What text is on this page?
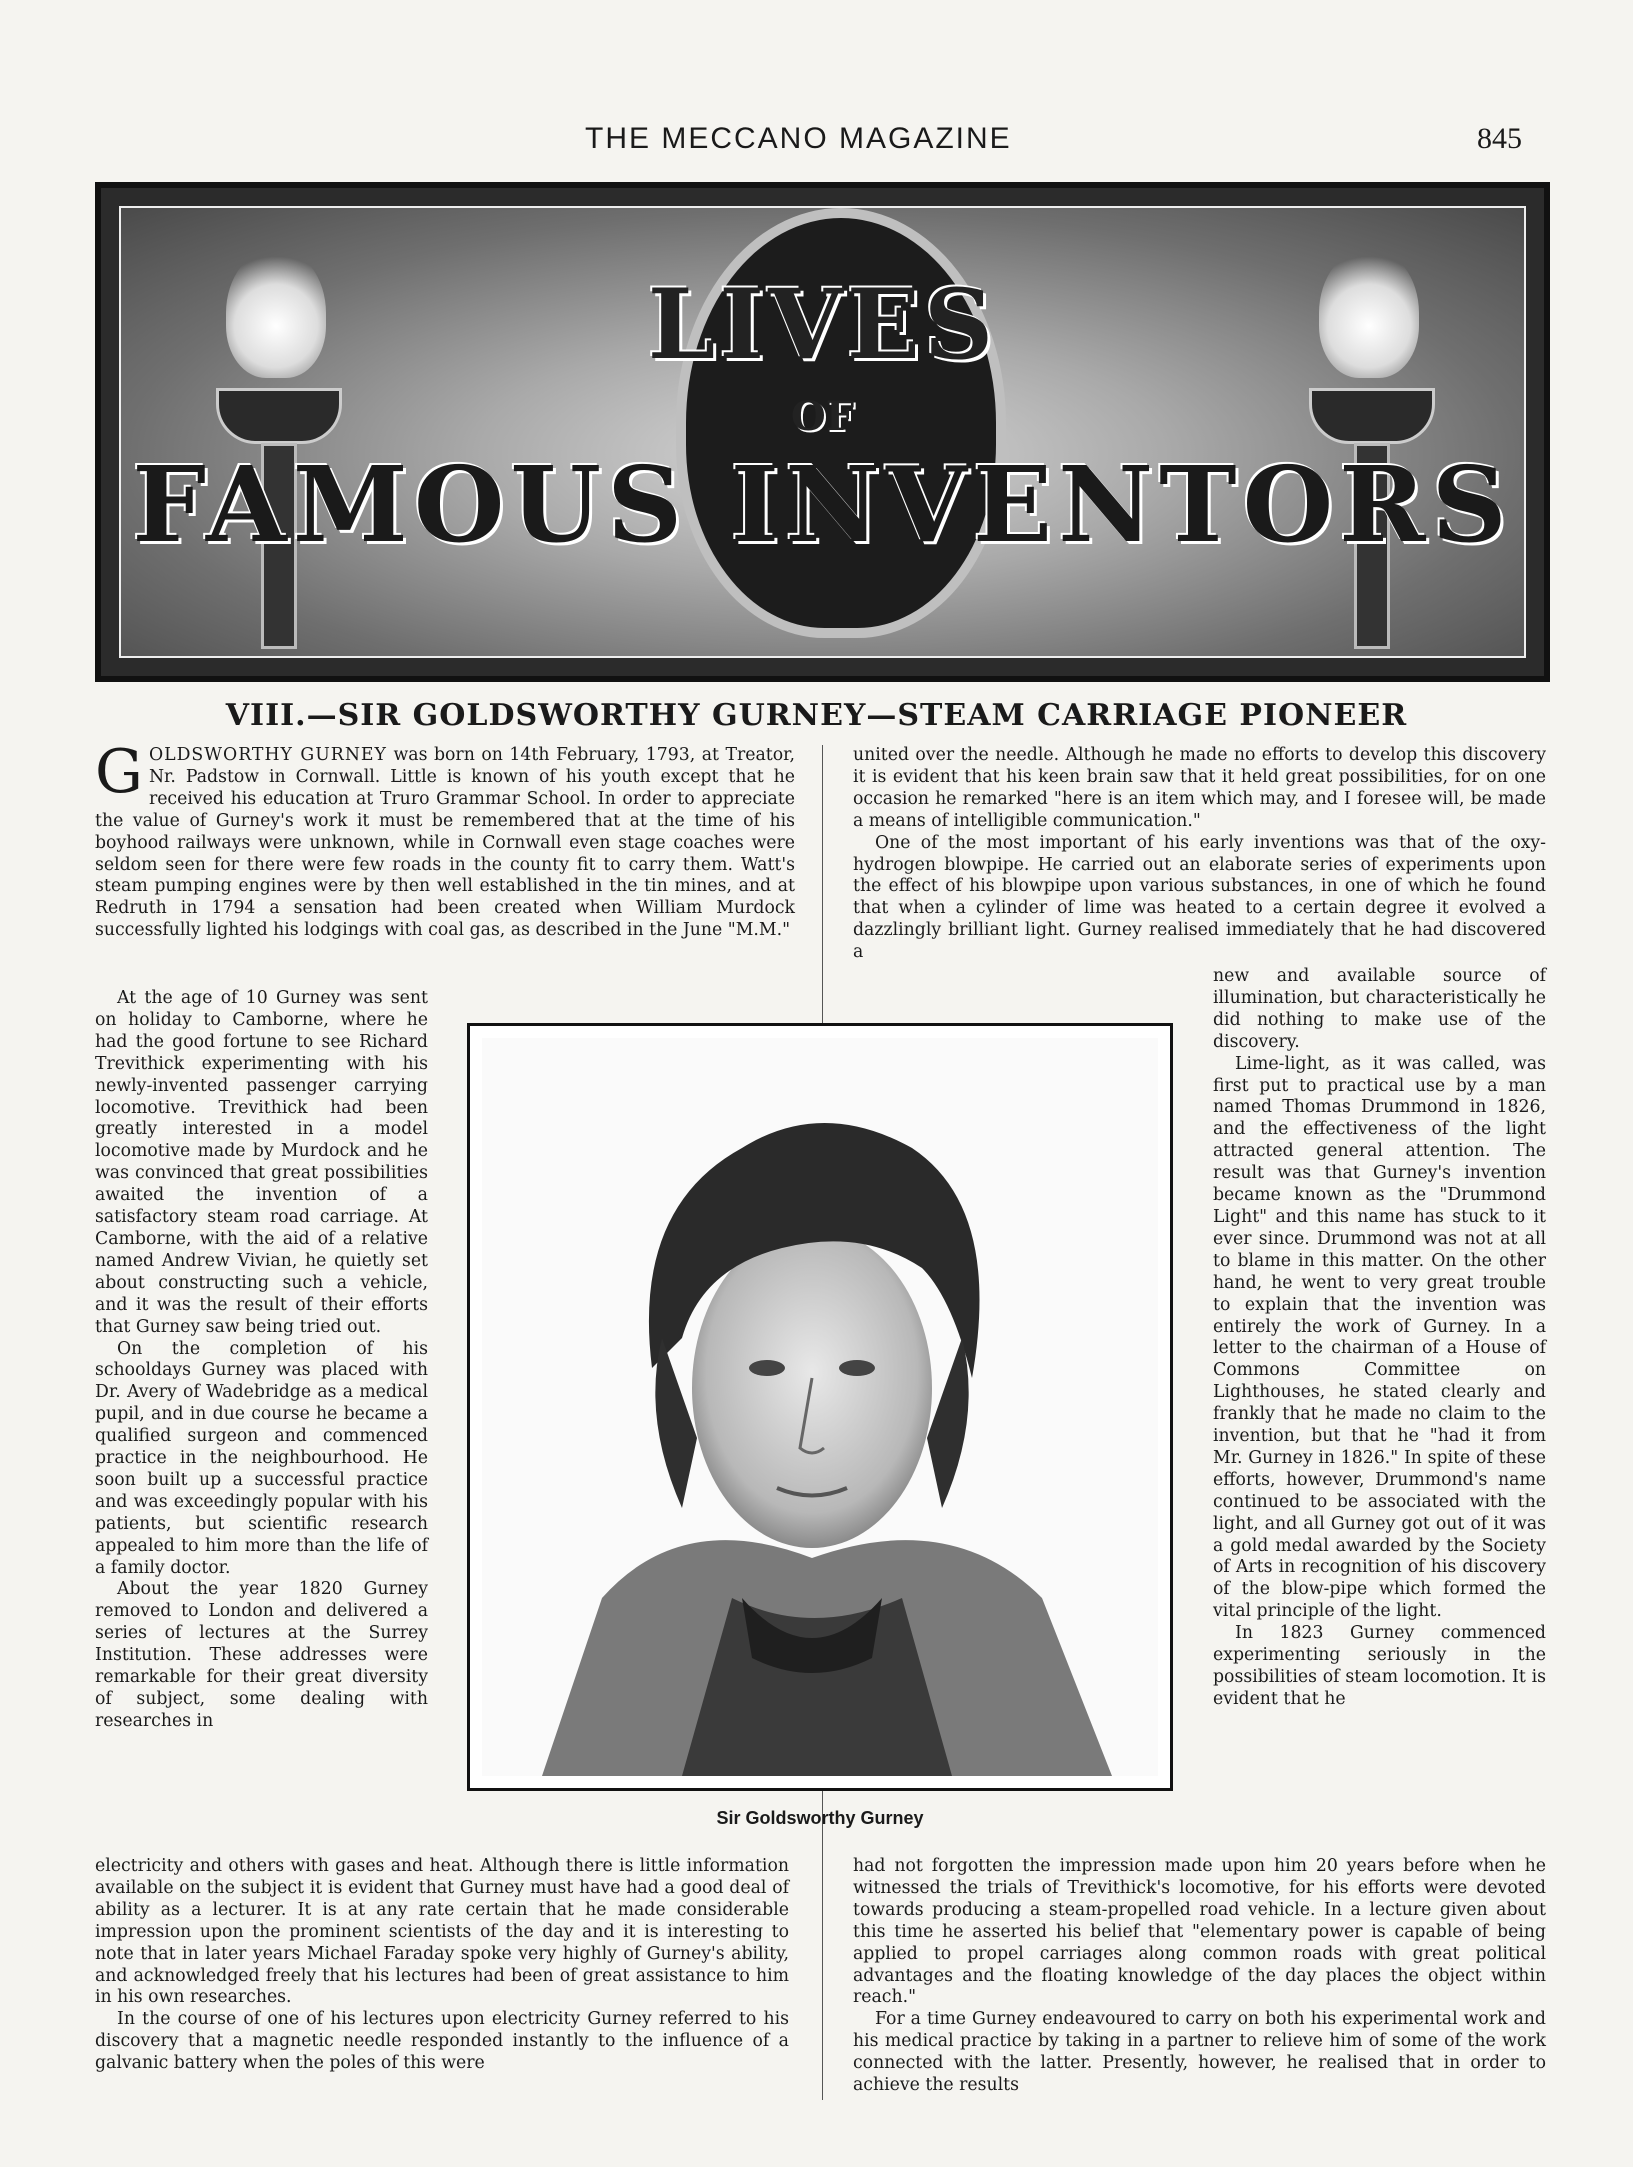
THE MECCANO MAGAZINE	845
LIVES
OF
FAMOUS INVENTORS
VIII.—SIR GOLDSWORTHY GURNEY—STEAM CARRIAGE PIONEER

GOLDSWORTHY GURNEY was born on 14th February, 1793, at Treator, Nr. Padstow in Cornwall. Little is known of his youth except that he received his education at Truro Grammar School. In order to appreciate the value of Gurney's work it must be remembered that at the time of his boyhood railways were unknown, while in Cornwall even stage coaches were seldom seen for there were few roads in the county fit to carry them. Watt's steam pumping engines were by then well established in the tin mines, and at Redruth in 1794 a sensation had been created when William Murdock successfully lighted his lodgings with coal gas, as described in the June "M.M."

At the age of 10 Gurney was sent on holiday to Camborne, where he had the good fortune to see Richard Trevithick experimenting with his newly-invented passenger carrying locomotive. Trevithick had been greatly interested in a model locomotive made by Murdock and he was convinced that great possibilities awaited the invention of a satisfactory steam road carriage. At Camborne, with the aid of a relative named Andrew Vivian, he quietly set about constructing such a vehicle, and it was the result of their efforts that Gurney saw being tried out.

On the completion of his schooldays Gurney was placed with Dr. Avery of Wadebridge as a medical pupil, and in due course he became a qualified surgeon and commenced practice in the neighbourhood. He soon built up a successful practice and was exceedingly popular with his patients, but scientific research appealed to him more than the life of a family doctor.

About the year 1820 Gurney removed to London and delivered a series of lectures at the Surrey Institution. These addresses were remarkable for their great diversity of subject, some dealing with researches in

electricity and others with gases and heat. Although there is little information available on the subject it is evident that Gurney must have had a good deal of ability as a lecturer. It is at any rate certain that he made considerable impression upon the prominent scientists of the day and it is interesting to note that in later years Michael Faraday spoke very highly of Gurney's ability, and acknowledged freely that his lectures had been of great assistance to him in his own researches.

In the course of one of his lectures upon electricity Gurney referred to his discovery that a magnetic needle responded instantly to the influence of a galvanic battery when the poles of this were

united over the needle. Although he made no efforts to develop this discovery it is evident that his keen brain saw that it held great possibilities, for on one occasion he remarked "here is an item which may, and I foresee will, be made a means of intelligible communication."

One of the most important of his early inventions was that of the oxy-hydrogen blowpipe. He carried out an elaborate series of experiments upon the effect of his blowpipe upon various substances, in one of which he found that when a cylinder of lime was heated to a certain degree it evolved a dazzlingly brilliant light. Gurney realised immediately that he had discovered a

new and available source of illumination, but characteristically he did nothing to make use of the discovery.

Lime-light, as it was called, was first put to practical use by a man named Thomas Drummond in 1826, and the effectiveness of the light attracted general attention. The result was that Gurney's invention became known as the "Drummond Light" and this name has stuck to it ever since. Drummond was not at all to blame in this matter. On the other hand, he went to very great trouble to explain that the invention was entirely the work of Gurney. In a letter to the chairman of a House of Commons Committee on Lighthouses, he stated clearly and frankly that he made no claim to the invention, but that he "had it from Mr. Gurney in 1826." In spite of these efforts, however, Drummond's name continued to be associated with the light, and all Gurney got out of it was a gold medal awarded by the Society of Arts in recognition of his discovery of the blow-pipe which formed the vital principle of the light.

In 1823 Gurney commenced experimenting seriously in the possibilities of steam locomotion. It is evident that he

had not forgotten the impression made upon him 20 years before when he witnessed the trials of Trevithick's locomotive, for his efforts were devoted towards producing a steam-propelled road vehicle. In a lecture given about this time he asserted his belief that "elementary power is capable of being applied to propel carriages along common roads with great political advantages and the floating knowledge of the day places the object within reach."

For a time Gurney endeavoured to carry on both his experimental work and his medical practice by taking in a partner to relieve him of some of the work connected with the latter. Presently, however, he realised that in order to achieve the results

Sir Goldsworthy Gurney
